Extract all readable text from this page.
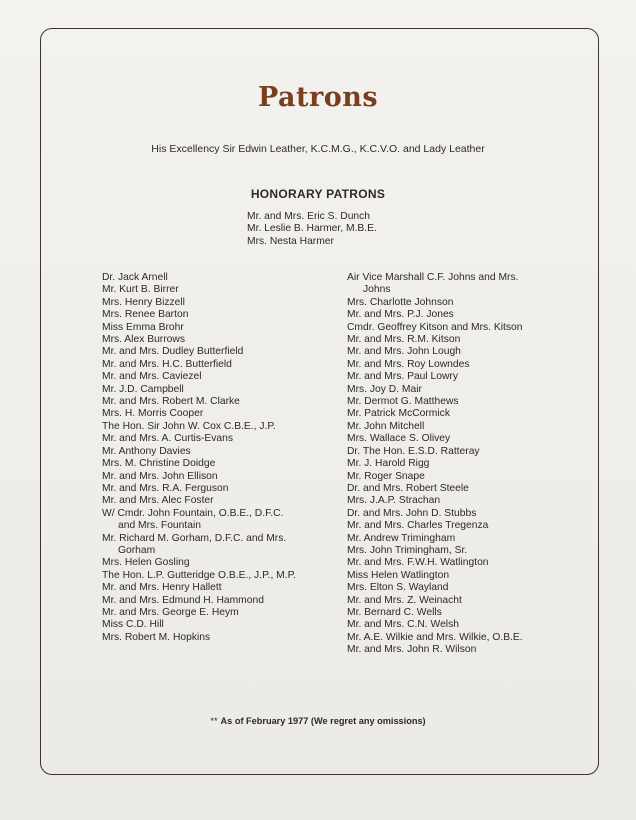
Patrons
His Excellency Sir Edwin Leather, K.C.M.G., K.C.V.O. and Lady Leather
HONORARY PATRONS
Mr. and Mrs. Eric S. Dunch
Mr. Leslie B. Harmer, M.B.E.
Mrs. Nesta Harmer
Dr. Jack Arnell
Mr. Kurt B. Birrer
Mrs. Henry Bizzell
Mrs. Renee Barton
Miss Emma Brohr
Mrs. Alex Burrows
Mr. and Mrs. Dudley Butterfield
Mr. and Mrs. H.C. Butterfield
Mr. and Mrs. Caviezel
Mr. J.D. Campbell
Mr. and Mrs. Robert M. Clarke
Mrs. H. Morris Cooper
The Hon. Sir John W. Cox C.B.E., J.P.
Mr. and Mrs. A. Curtis-Evans
Mr. Anthony Davies
Mrs. M. Christine Doidge
Mr. and Mrs. John Ellison
Mr. and Mrs. R.A. Ferguson
Mr. and Mrs. Alec Foster
W/ Cmdr. John Fountain, O.B.E., D.F.C. and Mrs. Fountain
Mr. Richard M. Gorham, D.F.C. and Mrs. Gorham
Mrs. Helen Gosling
The Hon. L.P. Gutteridge O.B.E., J.P., M.P.
Mr. and Mrs. Henry Hallett
Mr. and Mrs. Edmund H. Hammond
Mr. and Mrs. George E. Heym
Miss C.D. Hill
Mrs. Robert M. Hopkins
Air Vice Marshall C.F. Johns and Mrs. Johns
Mrs. Charlotte Johnson
Mr. and Mrs. P.J. Jones
Cmdr. Geoffrey Kitson and Mrs. Kitson
Mr. and Mrs. R.M. Kitson
Mr. and Mrs. John Lough
Mr. and Mrs. Roy Lowndes
Mr. and Mrs. Paul Lowry
Mrs. Joy D. Mair
Mr. Dermot G. Matthews
Mr. Patrick McCormick
Mr. John Mitchell
Mrs. Wallace S. Olivey
Dr. The Hon. E.S.D. Ratteray
Mr. J. Harold Rigg
Mr. Roger Snape
Dr. and Mrs. Robert Steele
Mrs. J.A.P. Strachan
Dr. and Mrs. John D. Stubbs
Mr. and Mrs. Charles Tregenza
Mr. Andrew Trimingham
Mrs. John Trimingham, Sr.
Mr. and Mrs. F.W.H. Watlington
Miss Helen Watlington
Mrs. Elton S. Wayland
Mr. and Mrs. Z. Weinacht
Mr. Bernard C. Wells
Mr. and Mrs. C.N. Welsh
Mr. A.E. Wilkie and Mrs. Wilkie, O.B.E.
Mr. and Mrs. John R. Wilson
** As of February 1977 (We regret any omissions)
